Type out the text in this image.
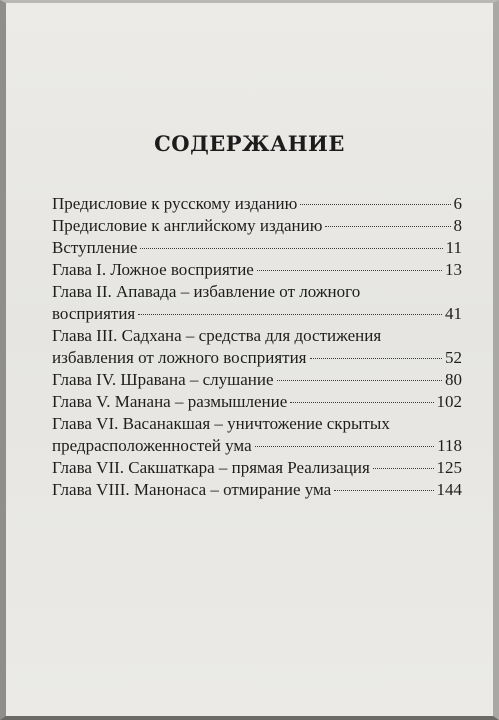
СОДЕРЖАНИЕ
Предисловие к русскому изданию	6
Предисловие к английскому изданию	8
Вступление	11
Глава I. Ложное восприятие	13
Глава II. Апавада – избавление от ложного
восприятия	41
Глава III. Садхана – средства для достижения
избавления от ложного восприятия	52
Глава IV. Шравана – слушание	80
Глава V. Манана – размышление	102
Глава VI. Васанакшая – уничтожение скрытых
предрасположенностей ума	118
Глава VII. Сакшаткара – прямая Реализация	125
Глава VIII. Манонаса – отмирание ума	144
